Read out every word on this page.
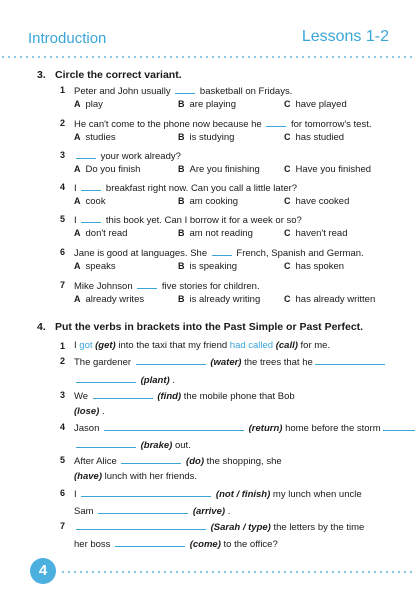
Introduction	Lessons 1-2
3. Circle the correct variant.
1 Peter and John usually	basketball on Fridays.
A play	B are playing	C have played
2 He can't come to the phone now because he	for tomorrow's test.
A studies	B is studying	C has studied
3	your work already?
A Do you finish	B Are you finishing	C Have you finished
4 I	breakfast right now. Can you call a little later?
A cook	B am cooking	C have cooked
5 I	this book yet. Can I borrow it for a week or so?
A don't read	B am not reading	C haven't read
6 Jane is good at languages. She	French, Spanish and German.
A speaks	B is speaking	C has spoken
7 Mike Johnson	five stories for children.
A already writes	B is already writing	C has already written
4. Put the verbs in brackets into the Past Simple or Past Perfect.
1 I got (get) into the taxi that my friend had called (call) for me.
2 The gardener	(water) the trees that he
(plant) .
3 We	(find) the mobile phone that Bob
(lose) .
4 Jason	(return) home before the storm
(brake) out.
5 After Alice	(do) the shopping, she
(have) lunch with her friends.
6 I	(not / finish) my lunch when uncle
Sam	(arrive) .
7	(Sarah / type) the letters by the time
her boss	(come) to the office?
4
